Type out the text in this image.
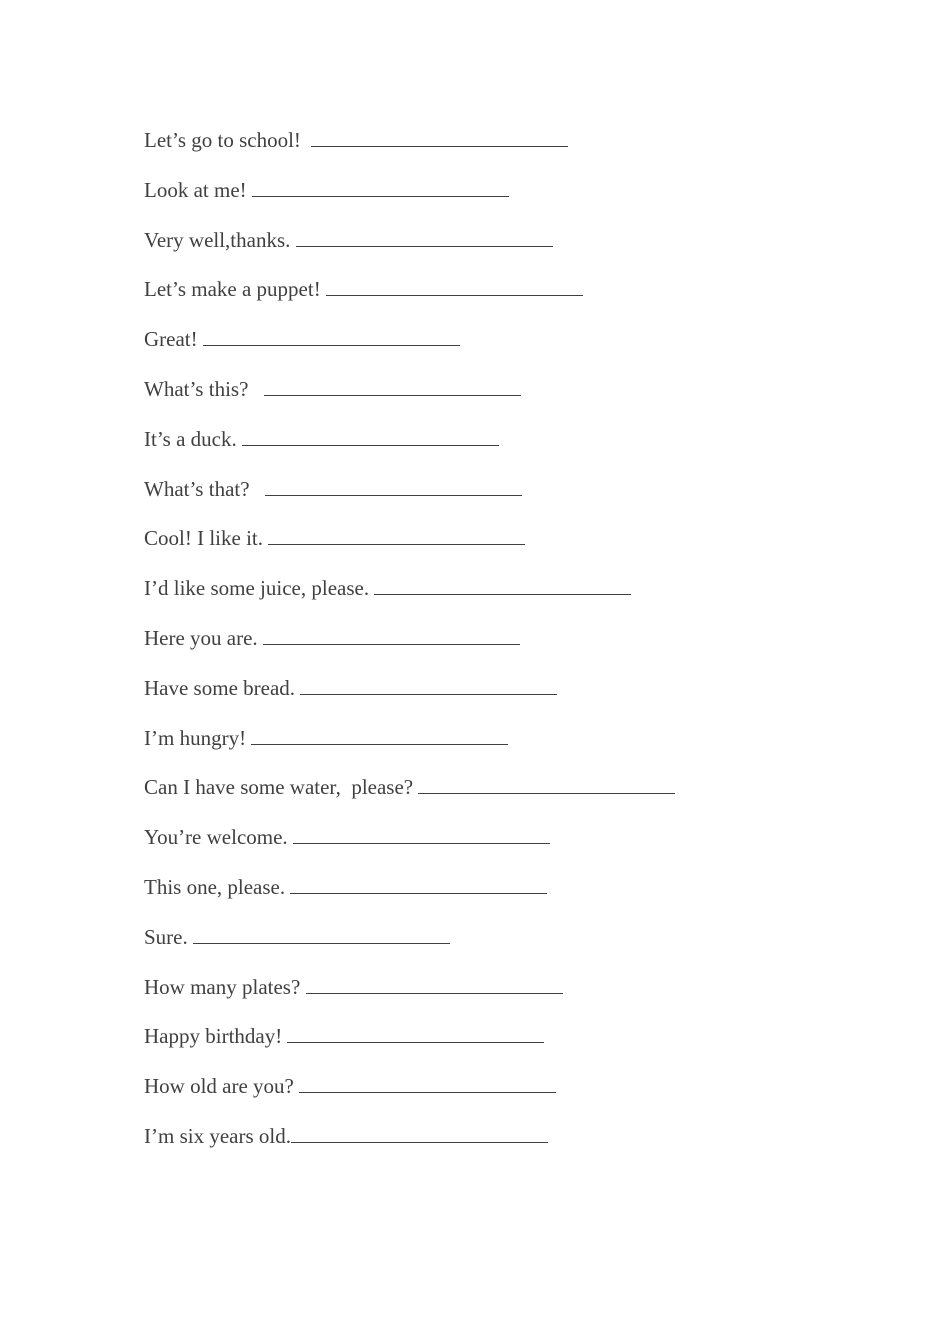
Let’s go to school!

Look at me!

Very well,thanks.

Let’s make a puppet!

Great!

What’s this?

It’s a duck.

What’s that?

Cool! I like it.

I’d like some juice, please.

Here you are.

Have some bread.

I’m hungry!

Can I have some water,  please?

You’re welcome.

This one, please.

Sure.

How many plates?

Happy birthday!

How old are you?

I’m six years old.
